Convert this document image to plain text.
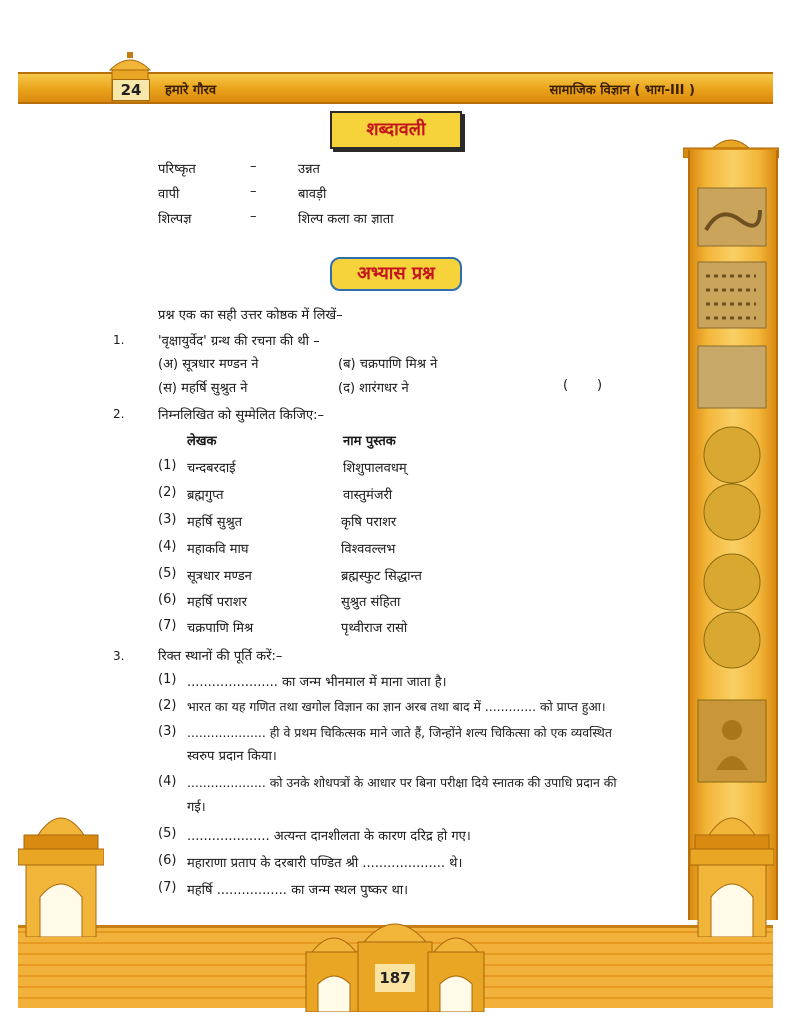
24	हमारे गौरव	सामाजिक विज्ञान ( भाग-III )
शब्दावली
परिष्कृत	–	उन्नत
वापी	–	बावड़ी
शिल्पज्ञ	–	शिल्प कला का ज्ञाता
अभ्यास प्रश्न
प्रश्न एक का सही उत्तर कोष्ठक में लिखें–
1.	'वृक्षायुर्वेद' ग्रन्थ की रचना की थी –
(अ) सूत्रधार मण्डन ने	(ब) चक्रपाणि मिश्र ने
(स) महर्षि सुश्रुत ने	(द) शारंगधर ने	(       )
2.	निम्नलिखित को सुम्मेलित किजिए:–
लेखक	नाम पुस्तक
(1) चन्दबरदाई	शिशुपालवधम्
(2) ब्रह्मगुप्त	वास्तुमंजरी
(3) महर्षि सुश्रुत	कृषि पराशर
(4) महाकवि माघ	विश्ववल्लभ
(5) सूत्रधार मण्डन	ब्रह्मस्फुट सिद्धान्त
(6) महर्षि पराशर	सुश्रुत संहिता
(7) चक्रपाणि मिश्र	पृथ्वीराज रासो
3.	रिक्त स्थानों की पूर्ति करें:–
(1) ...................... का जन्म भीनमाल में माना जाता है।
(2) भारत का यह गणित तथा खगोल विज्ञान का ज्ञान अरब तथा बाद में ............. को प्राप्त हुआ।
(3) .................... ही वे प्रथम चिकित्सक माने जाते हैं, जिन्होंने शल्य चिकित्सा को एक व्यवस्थित
स्वरुप प्रदान किया।
(4) .................... को उनके शोधपत्रों के आधार पर बिना परीक्षा दिये स्नातक की उपाधि प्रदान की
गई।
(5) .................... अत्यन्त दानशीलता के कारण दरिद्र हो गए।
(6) महाराणा प्रताप के दरबारी पण्डित श्री .................... थे।
(7) महर्षि ................. का जन्म स्थल पुष्कर था।
187
